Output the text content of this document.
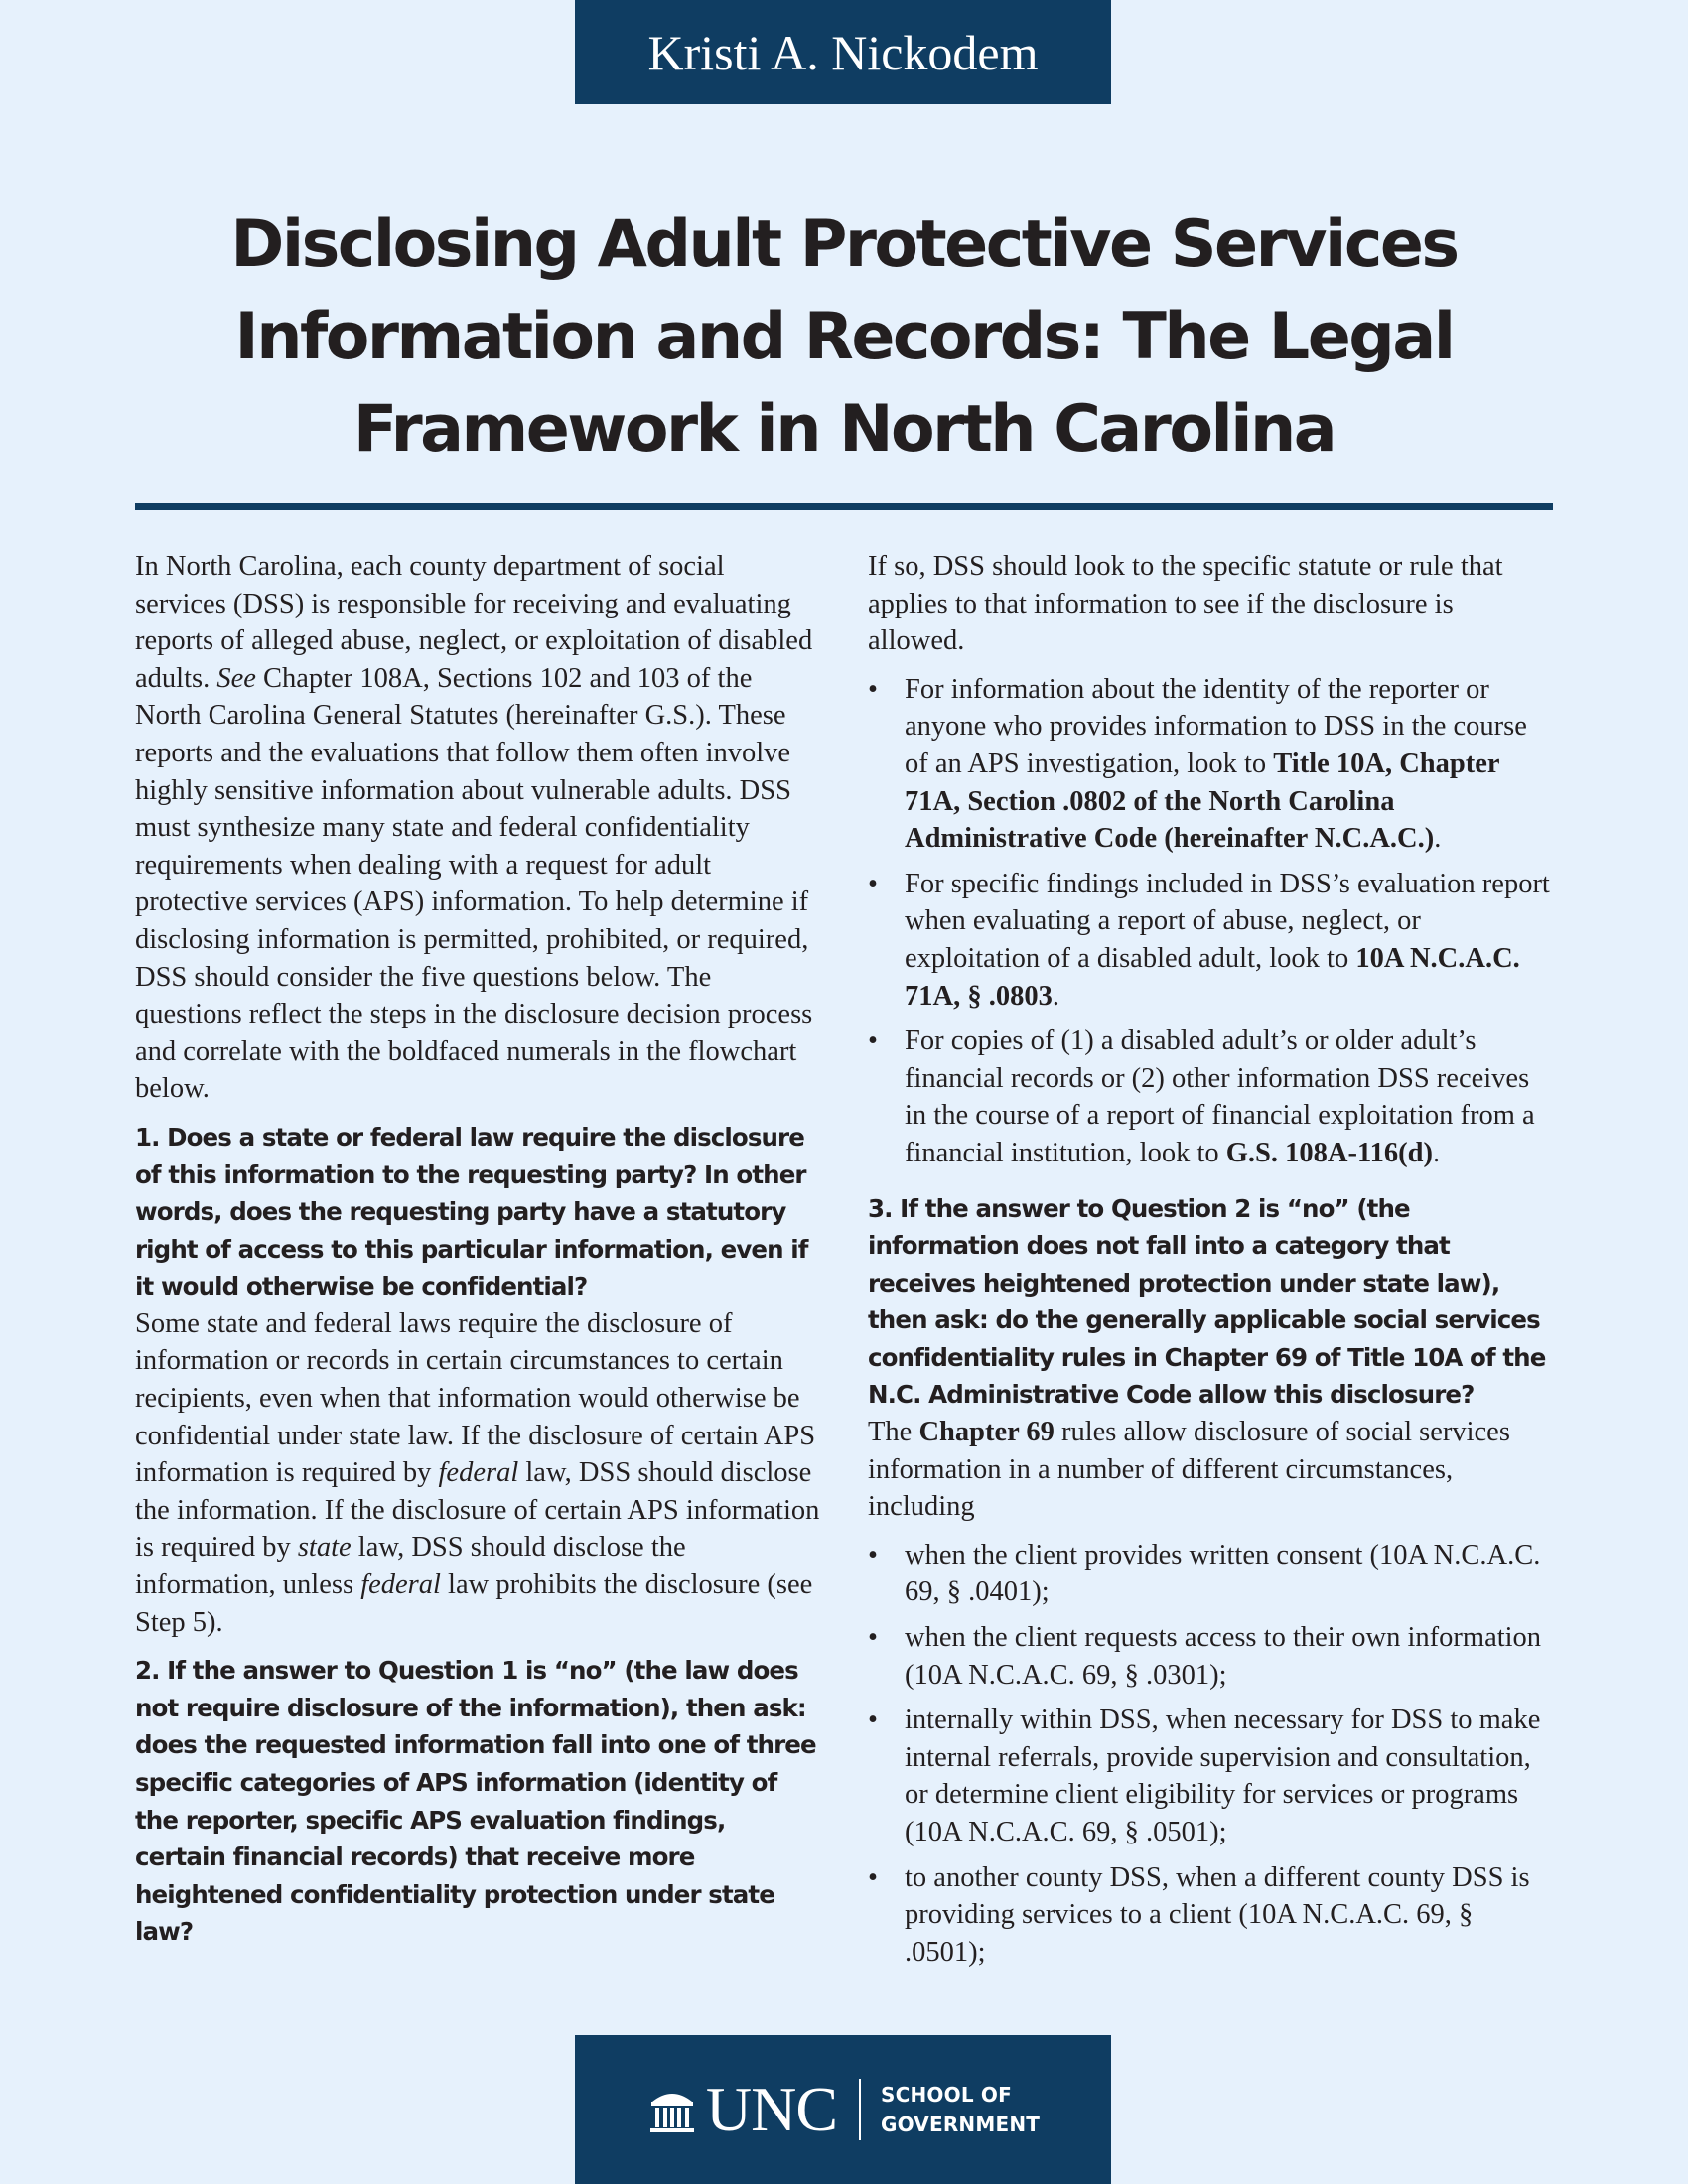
Kristi A. Nickodem
Disclosing Adult Protective Services
Information and Records: The Legal
Framework in North Carolina

In North Carolina, each county department of social services (DSS) is responsible for receiving and evaluating reports of alleged abuse, neglect, or exploitation of disabled adults. See Chapter 108A, Sections 102 and 103 of the North Carolina General Statutes (hereinafter G.S.). These reports and the evaluations that follow them often involve highly sensitive information about vulnerable adults. DSS must synthesize many state and federal confidentiality requirements when dealing with a request for adult protective services (APS) information. To help determine if disclosing information is permitted, prohibited, or required, DSS should consider the five questions below. The questions reflect the steps in the disclosure decision process and correlate with the boldfaced numerals in the flowchart below.

1. Does a state or federal law require the disclosure of this information to the requesting party? In other words, does the requesting party have a statutory right of access to this particular information, even if it would otherwise be confidential?

Some state and federal laws require the disclosure of information or records in certain circumstances to certain recipients, even when that information would otherwise be confidential under state law. If the disclosure of certain APS information is required by federal law, DSS should disclose the information. If the disclosure of certain APS information is required by state law, DSS should disclose the information, unless federal law prohibits the disclosure (see Step 5).

2. If the answer to Question 1 is “no” (the law does not require disclosure of the information), then ask: does the requested information fall into one of three specific categories of APS information (identity of the reporter, specific APS evaluation findings, certain financial records) that receive more heightened confidentiality protection under state law?

If so, DSS should look to the specific statute or rule that applies to that information to see if the disclosure is allowed.

• For information about the identity of the reporter or anyone who provides information to DSS in the course of an APS investigation, look to Title 10A, Chapter 71A, Section .0802 of the North Carolina Administrative Code (hereinafter N.C.A.C.).
• For specific findings included in DSS’s evaluation report when evaluating a report of abuse, neglect, or exploitation of a disabled adult, look to 10A N.C.A.C. 71A, § .0803.
• For copies of (1) a disabled adult’s or older adult’s financial records or (2) other information DSS receives in the course of a report of financial exploitation from a financial institution, look to G.S. 108A-116(d).

3. If the answer to Question 2 is “no” (the information does not fall into a category that receives heightened protection under state law), then ask: do the generally applicable social services confidentiality rules in Chapter 69 of Title 10A of the N.C. Administrative Code allow this disclosure?

The Chapter 69 rules allow disclosure of social services information in a number of different circumstances, including

• when the client provides written consent (10A N.C.A.C. 69, § .0401);
• when the client requests access to their own information (10A N.C.A.C. 69, § .0301);
• internally within DSS, when necessary for DSS to make internal referrals, provide supervision and consultation, or determine client eligibility for services or programs (10A N.C.A.C. 69, § .0501);
• to another county DSS, when a different county DSS is providing services to a client (10A N.C.A.C. 69, § .0501);
UNC SCHOOL OF
GOVERNMENT
